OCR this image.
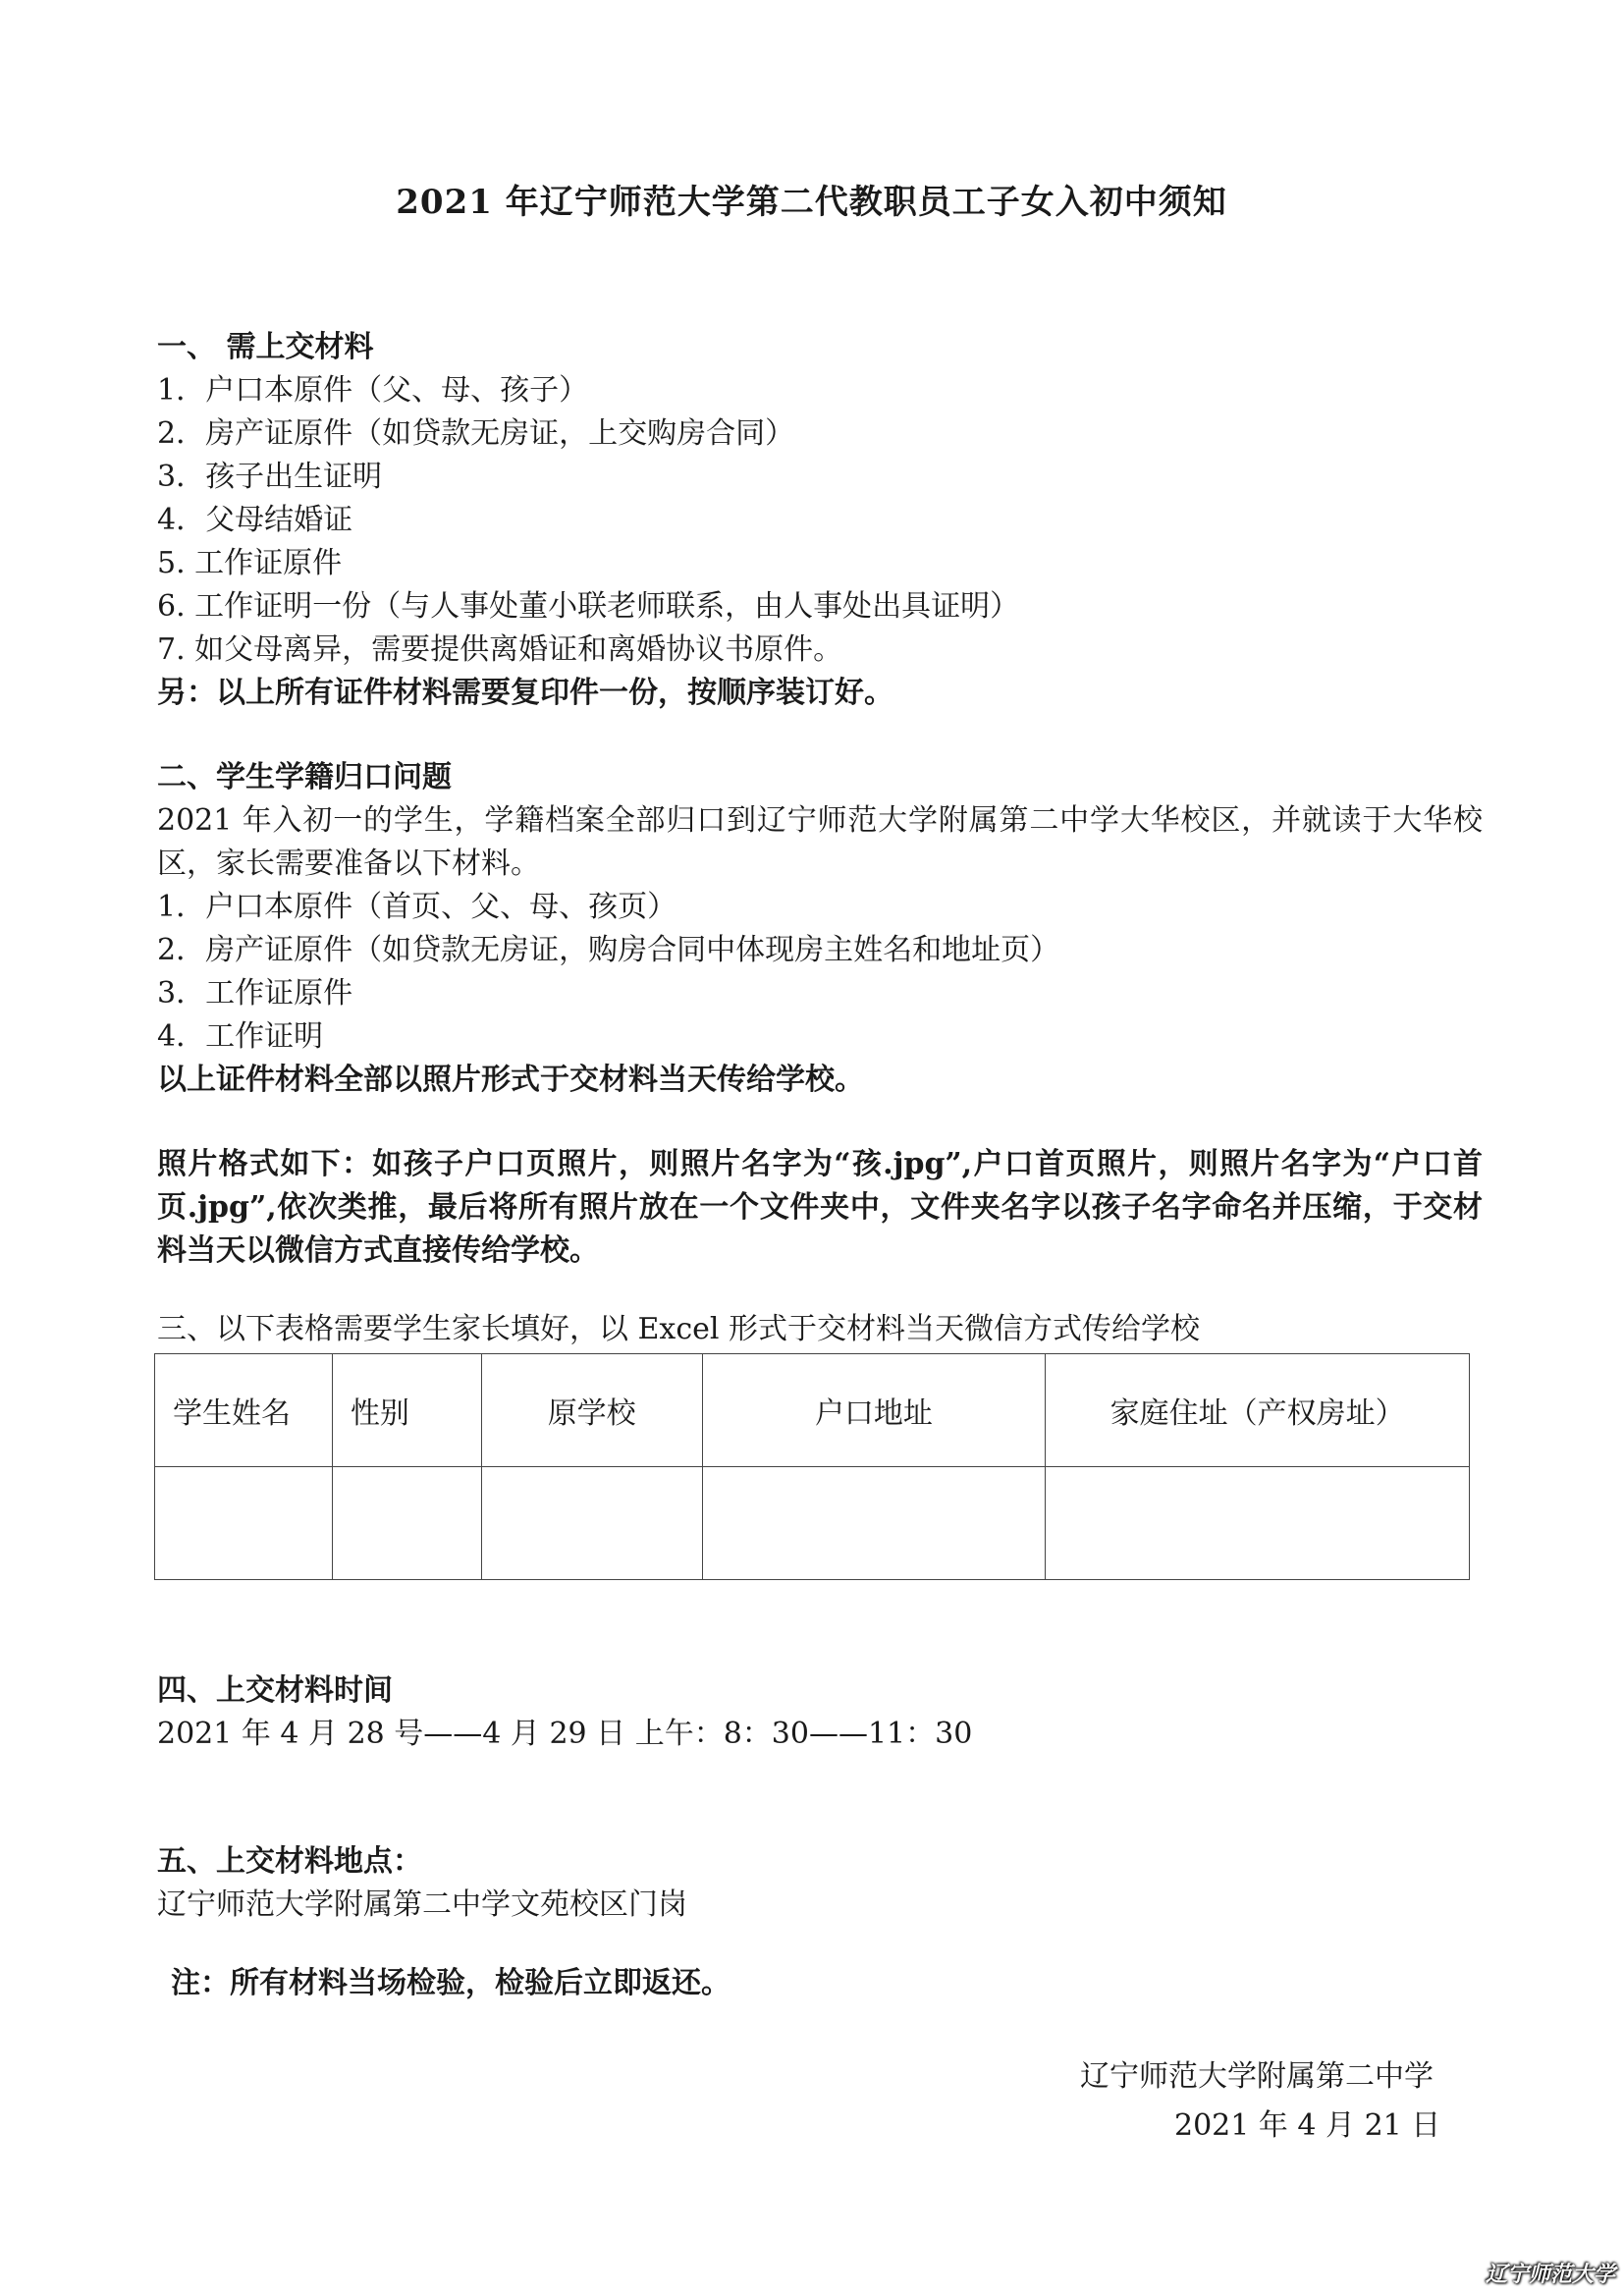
2021 年辽宁师范大学第二代教职员工子女入初中须知
一、 需上交材料
1．户口本原件（父、母、孩子）
2．房产证原件（如贷款无房证，上交购房合同）
3．孩子出生证明
4．父母结婚证
5. 工作证原件
6. 工作证明一份（与人事处董小联老师联系，由人事处出具证明）
7. 如父母离异，需要提供离婚证和离婚协议书原件。
另：以上所有证件材料需要复印件一份，按顺序装订好。
二、学生学籍归口问题
2021 年入初一的学生，学籍档案全部归口到辽宁师范大学附属第二中学大华校区，并就读于大华校区，家长需要准备以下材料。
1．户口本原件（首页、父、母、孩页）
2．房产证原件（如贷款无房证，购房合同中体现房主姓名和地址页）
3．工作证原件
4．工作证明
以上证件材料全部以照片形式于交材料当天传给学校。
照片格式如下：如孩子户口页照片，则照片名字为“孩.jpg”,户口首页照片，则照片名字为“户口首页.jpg”,依次类推，最后将所有照片放在一个文件夹中，文件夹名字以孩子名字命名并压缩，于交材料当天以微信方式直接传给学校。
三、以下表格需要学生家长填好，以 Excel 形式于交材料当天微信方式传给学校
学生姓名	性别	原学校	户口地址	家庭住址（产权房址）

四、上交材料时间
2021 年 4 月 28 号——4 月 29 日 上午：8：30——11：30
五、上交材料地点：
辽宁师范大学附属第二中学文苑校区门岗
注：所有材料当场检验，检验后立即返还。
辽宁师范大学附属第二中学
2021 年 4 月 21 日
辽宁师范大学
